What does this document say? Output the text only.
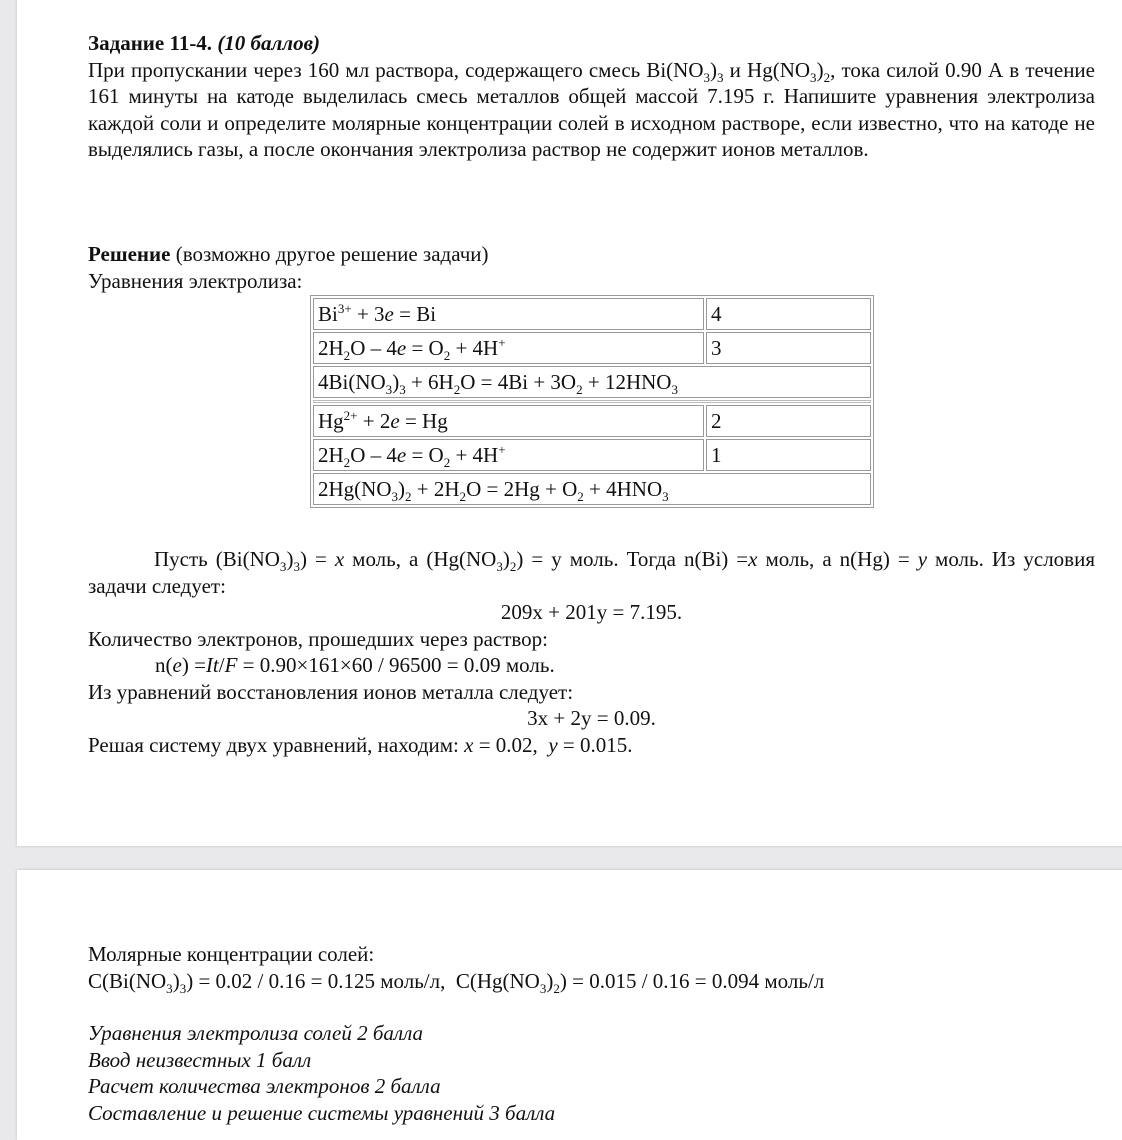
Задание 11-4. (10 баллов)
При пропускании через 160 мл раствора, содержащего смесь $Bi(NO_3)_3$ и $Hg(NO_3)_2$, тока силой 0.90 А в течение 161 минуты на катоде выделилась смесь металлов общей массой 7.195 г. Напишите уравнения электролиза каждой соли и определите молярные концентрации солей в исходном растворе, если известно, что на катоде не выделялись газы, а после окончания электролиза раствор не содержит ионов металлов.
Решение (возможно другое решение задачи)
Уравнения электролиза:
$Bi^{3+} + 3e = Bi$	4
$2H_2O - 4e = O_2 + 4H^+$	3
$4Bi(NO_3)_3 + 6H_2O = 4Bi + 3O_2 + 12HNO_3$

$Hg^{2+} + 2e = Hg$	2
$2H_2O - 4e = O_2 + 4H^+$	1
$2Hg(NO_3)_2 + 2H_2O = 2Hg + O_2 + 4HNO_3$
Пусть $(Bi(NO_3)_3) = x$ моль, а $(Hg(NO_3)_2) = y$ моль. Тогда n(Bi) =x моль, а n(Hg) = y моль. Из условия задачи следует:
209x + 201y = 7.195.
Количество электронов, прошедших через раствор:
n(e) =It/F = 0.90×161×60 / 96500 = 0.09 моль.
Из уравнений восстановления ионов металла следует:
3x + 2y = 0.09.
Решая систему двух уравнений, находим: x = 0.02,  y = 0.015.
Молярные концентрации солей:
$C(Bi(NO_3)_3) = 0.02 / 0.16 = 0.125$ моль/л,  $C(Hg(NO_3)_2) = 0.015 / 0.16 = 0.094$ моль/л
Уравнения электролиза солей 2 балла
Ввод неизвестных 1 балл
Расчет количества электронов 2 балла
Составление и решение системы уравнений 3 балла
